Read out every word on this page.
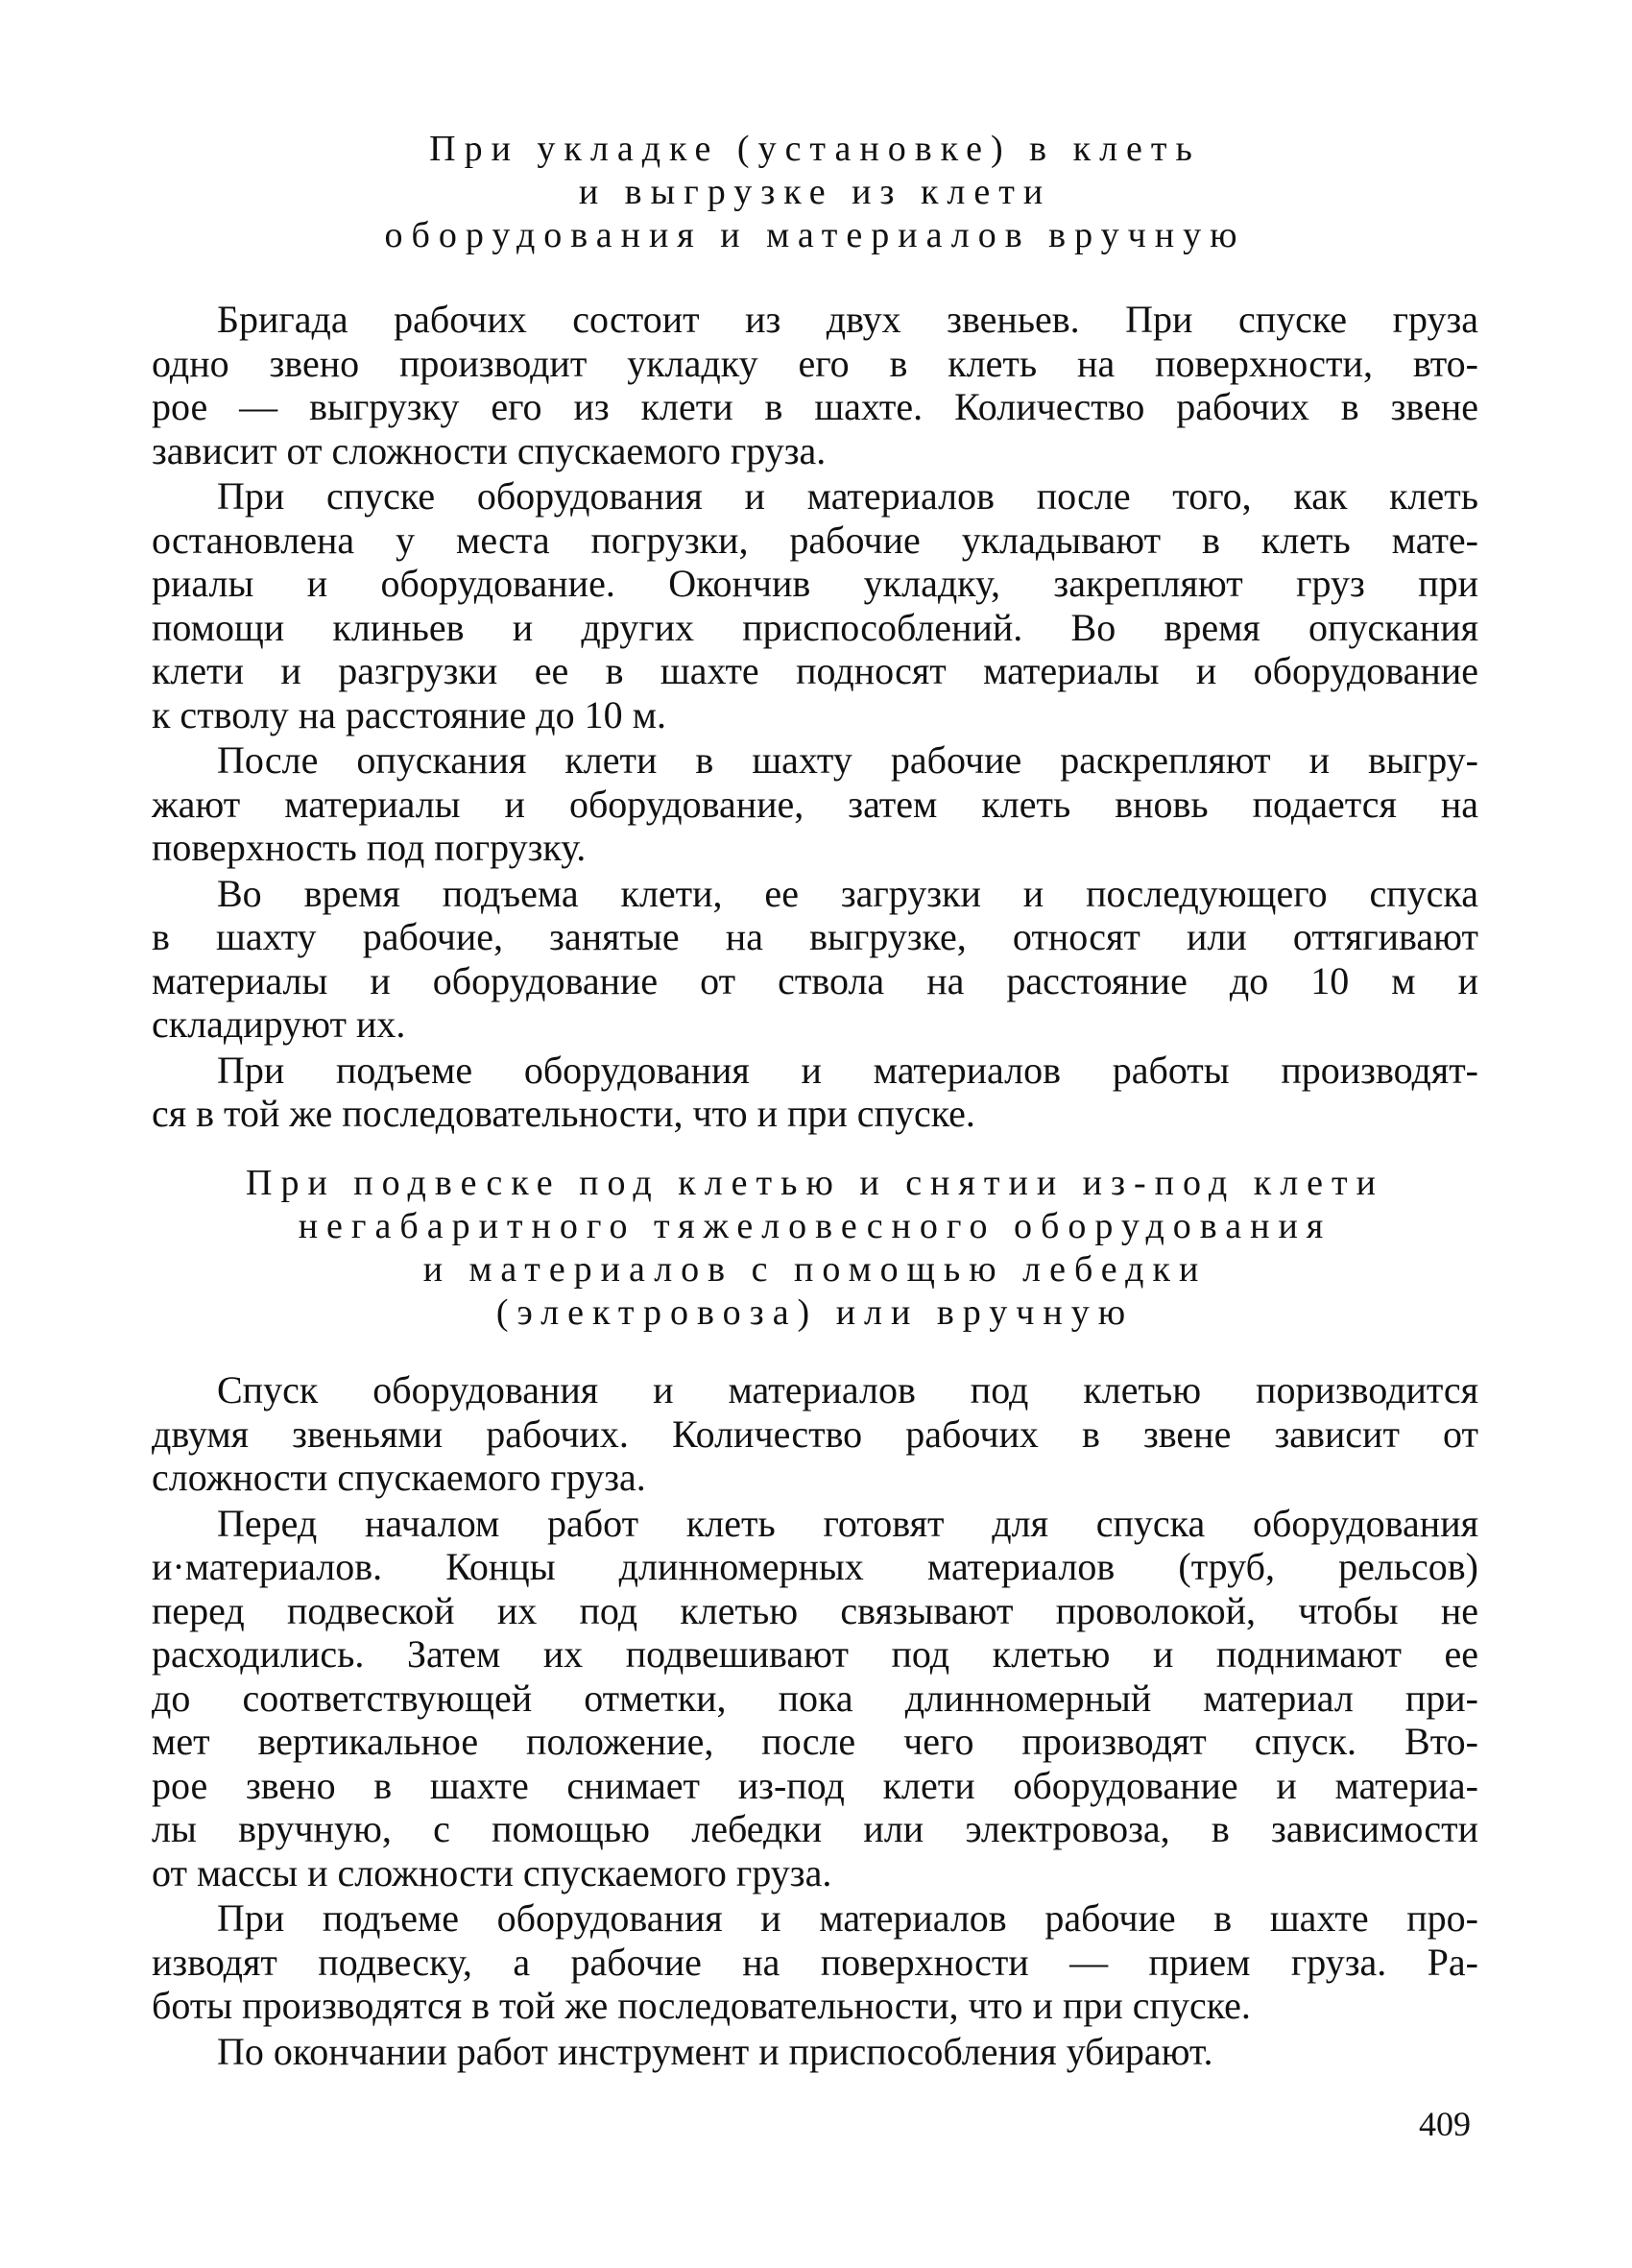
При укладке (установке) в клеть
и выгрузке из клети
оборудования и материалов вручную
Бригада рабочих состоит из двух звеньев. При спуске груза
одно звено производит укладку его в клеть на поверхности, вто-
рое — выгрузку его из клети в шахте. Количество рабочих в звене
зависит от сложности спускаемого груза.
При спуске оборудования и материалов после того, как клеть
остановлена у места погрузки, рабочие укладывают в клеть мате-
риалы и оборудование. Окончив укладку, закрепляют груз при
помощи клиньев и других приспособлений. Во время опускания
клети и разгрузки ее в шахте подносят материалы и оборудование
к стволу на расстояние до 10 м.
После опускания клети в шахту рабочие раскрепляют и выгру-
жают материалы и оборудование, затем клеть вновь подается на
поверхность под погрузку.
Во время подъема клети, ее загрузки и последующего спуска
в шахту рабочие, занятые на выгрузке, относят или оттягивают
материалы и оборудование от ствола на расстояние до 10 м и
складируют их.
При подъеме оборудования и материалов работы производят-
ся в той же последовательности, что и при спуске.
При подвеске под клетью и снятии из-под клети
негабаритного тяжеловесного оборудования
и материалов с помощью лебедки
(электровоза) или вручную
Спуск оборудования и материалов под клетью поризводится
двумя звеньями рабочих. Количество рабочих в звене зависит от
сложности спускаемого груза.
Перед началом работ клеть готовят для спуска оборудования
и·материалов. Концы длинномерных материалов (труб, рельсов)
перед подвеской их под клетью связывают проволокой, чтобы не
расходились. Затем их подвешивают под клетью и поднимают ее
до соответствующей отметки, пока длинномерный материал при-
мет вертикальное положение, после чего производят спуск. Вто-
рое звено в шахте снимает из-под клети оборудование и материа-
лы вручную, с помощью лебедки или электровоза, в зависимости
от массы и сложности спускаемого груза.
При подъеме оборудования и материалов рабочие в шахте про-
изводят подвеску, а рабочие на поверхности — прием груза. Ра-
боты производятся в той же последовательности, что и при спуске.
По окончании работ инструмент и приспособления убирают.
409
